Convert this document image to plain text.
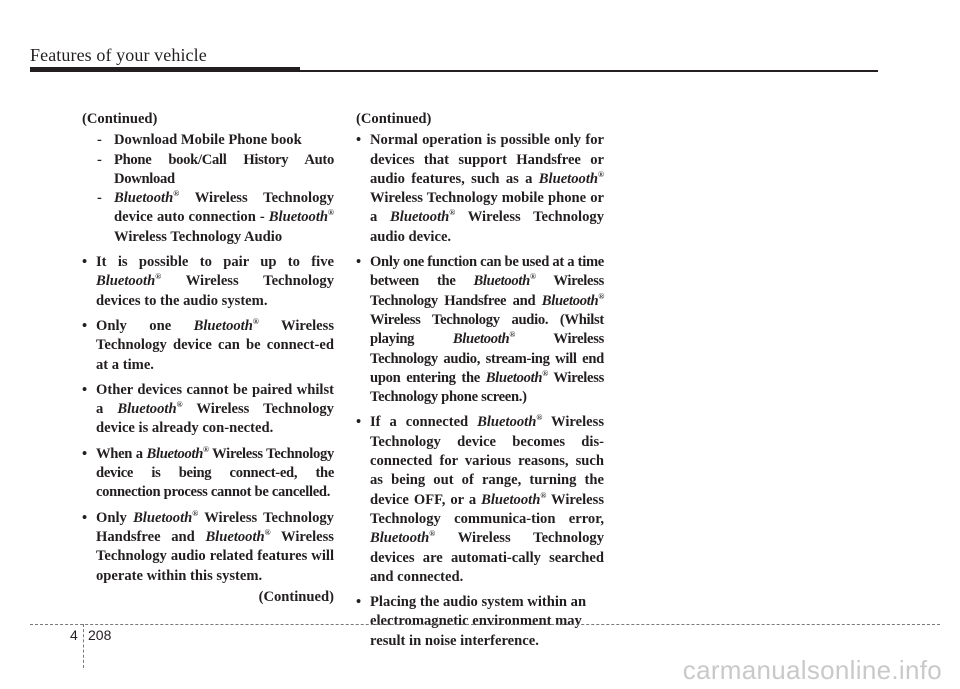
Features of your vehicle
(Continued)
- Download Mobile Phone book
- Phone book/Call History Auto Download
- Bluetooth® Wireless Technology device auto connection - Bluetooth® Wireless Technology Audio
• It is possible to pair up to five Bluetooth® Wireless Technology devices to the audio system.
• Only one Bluetooth® Wireless Technology device can be connect-ed at a time.
• Other devices cannot be paired whilst a Bluetooth® Wireless Technology device is already con-nected.
• When a Bluetooth® Wireless Technology device is being connect-ed, the connection process cannot be cancelled.
• Only Bluetooth® Wireless Technology Handsfree and Bluetooth® Wireless Technology audio related features will operate within this system.
(Continued)
(Continued)
• Normal operation is possible only for devices that support Handsfree or audio features, such as a Bluetooth® Wireless Technology mobile phone or a Bluetooth® Wireless Technology audio device.
• Only one function can be used at a time between the Bluetooth® Wireless Technology Handsfree and Bluetooth® Wireless Technology audio. (Whilst playing	Bluetooth®	Wireless Technology audio, stream-ing will end upon entering the Bluetooth® Wireless Technology phone screen.)
• If a connected Bluetooth® Wireless Technology device becomes dis-connected for various reasons, such as being out of range, turning the device OFF, or a Bluetooth® Wireless Technology communica-tion error, Bluetooth® Wireless Technology devices are automati-cally searched and connected.
• Placing the audio system within an electromagnetic environment may result in noise interference.
4 208
carmanualsonline.info
